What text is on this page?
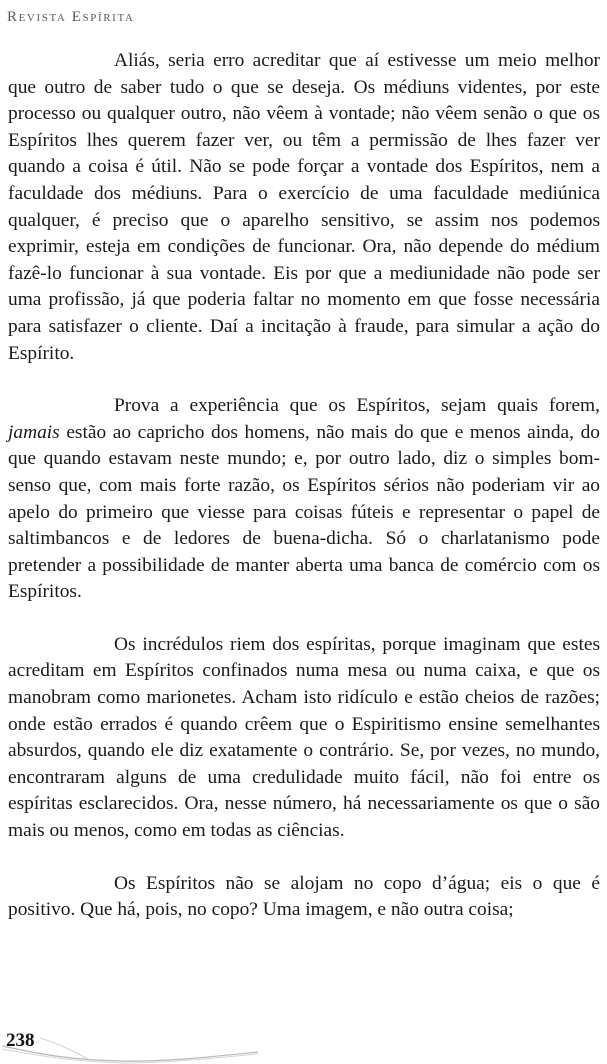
Revista Espírita

Aliás, seria erro acreditar que aí estivesse um meio melhor que outro de saber tudo o que se deseja. Os médiuns videntes, por este processo ou qualquer outro, não vêem à vontade; não vêem senão o que os Espíritos lhes querem fazer ver, ou têm a permissão de lhes fazer ver quando a coisa é útil. Não se pode forçar a vontade dos Espíritos, nem a faculdade dos médiuns. Para o exercício de uma faculdade mediúnica qualquer, é preciso que o aparelho sensitivo, se assim nos podemos exprimir, esteja em condições de funcionar. Ora, não depende do médium fazê-lo funcionar à sua vontade. Eis por que a mediunidade não pode ser uma profissão, já que poderia faltar no momento em que fosse necessária para satisfazer o cliente. Daí a incitação à fraude, para simular a ação do Espírito.

Prova a experiência que os Espíritos, sejam quais forem, jamais estão ao capricho dos homens, não mais do que e menos ainda, do que quando estavam neste mundo; e, por outro lado, diz o simples bom-senso que, com mais forte razão, os Espíritos sérios não poderiam vir ao apelo do primeiro que viesse para coisas fúteis e representar o papel de saltimbancos e de ledores de buena-dicha. Só o charlatanismo pode pretender a possibilidade de manter aberta uma banca de comércio com os Espíritos.

Os incrédulos riem dos espíritas, porque imaginam que estes acreditam em Espíritos confinados numa mesa ou numa caixa, e que os manobram como marionetes. Acham isto ridículo e estão cheios de razões; onde estão errados é quando crêem que o Espiritismo ensine semelhantes absurdos, quando ele diz exatamente o contrário. Se, por vezes, no mundo, encontraram alguns de uma credulidade muito fácil, não foi entre os espíritas esclarecidos. Ora, nesse número, há necessariamente os que o são mais ou menos, como em todas as ciências.

Os Espíritos não se alojam no copo d’água; eis o que é positivo. Que há, pois, no copo? Uma imagem, e não outra coisa;

238
